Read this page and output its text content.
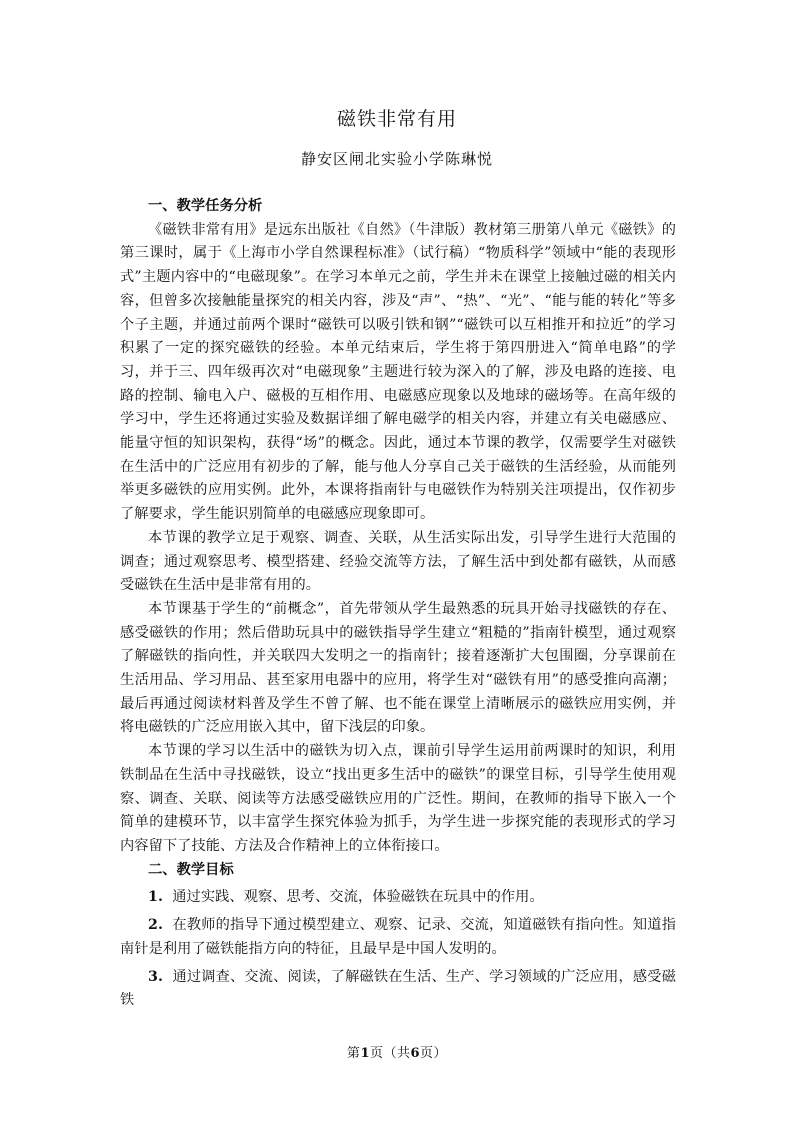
磁铁非常有用
静安区闸北实验小学陈琳悦

一、教学任务分析

《磁铁非常有用》是远东出版社《自然》（牛津版）教材第三册第八单元《磁铁》的第三课时，属于《上海市小学自然课程标准》（试行稿）“物质科学”领域中“能的表现形式”主题内容中的“电磁现象”。在学习本单元之前，学生并未在课堂上接触过磁的相关内容，但曾多次接触能量探究的相关内容，涉及“声”、“热”、“光”、“能与能的转化”等多个子主题，并通过前两个课时“磁铁可以吸引铁和钢”“磁铁可以互相推开和拉近”的学习积累了一定的探究磁铁的经验。本单元结束后，学生将于第四册进入“简单电路”的学习，并于三、四年级再次对“电磁现象”主题进行较为深入的了解，涉及电路的连接、电路的控制、输电入户、磁极的互相作用、电磁感应现象以及地球的磁场等。在高年级的学习中，学生还将通过实验及数据详细了解电磁学的相关内容，并建立有关电磁感应、能量守恒的知识架构，获得“场”的概念。因此，通过本节课的教学，仅需要学生对磁铁在生活中的广泛应用有初步的了解，能与他人分享自己关于磁铁的生活经验，从而能列举更多磁铁的应用实例。此外，本课将指南针与电磁铁作为特别关注项提出，仅作初步了解要求，学生能识别简单的电磁感应现象即可。

本节课的教学立足于观察、调查、关联，从生活实际出发，引导学生进行大范围的调查；通过观察思考、模型搭建、经验交流等方法，了解生活中到处都有磁铁，从而感受磁铁在生活中是非常有用的。

本节课基于学生的“前概念”，首先带领从学生最熟悉的玩具开始寻找磁铁的存在、感受磁铁的作用；然后借助玩具中的磁铁指导学生建立“粗糙的”指南针模型，通过观察了解磁铁的指向性，并关联四大发明之一的指南针；接着逐渐扩大包围圈，分享课前在生活用品、学习用品、甚至家用电器中的应用，将学生对“磁铁有用”的感受推向高潮；最后再通过阅读材料普及学生不曾了解、也不能在课堂上清晰展示的磁铁应用实例，并将电磁铁的广泛应用嵌入其中，留下浅层的印象。

本节课的学习以生活中的磁铁为切入点，课前引导学生运用前两课时的知识，利用铁制品在生活中寻找磁铁，设立“找出更多生活中的磁铁”的课堂目标，引导学生使用观察、调查、关联、阅读等方法感受磁铁应用的广泛性。期间，在教师的指导下嵌入一个简单的建模环节，以丰富学生探究体验为抓手，为学生进一步探究能的表现形式的学习内容留下了技能、方法及合作精神上的立体衔接口。

二、教学目标

1. 通过实践、观察、思考、交流，体验磁铁在玩具中的作用。

2. 在教师的指导下通过模型建立、观察、记录、交流，知道磁铁有指向性。知道指南针是利用了磁铁能指方向的特征，且最早是中国人发明的。

3. 通过调查、交流、阅读，了解磁铁在生活、生产、学习领域的广泛应用，感受磁铁

第1页（共6页）
